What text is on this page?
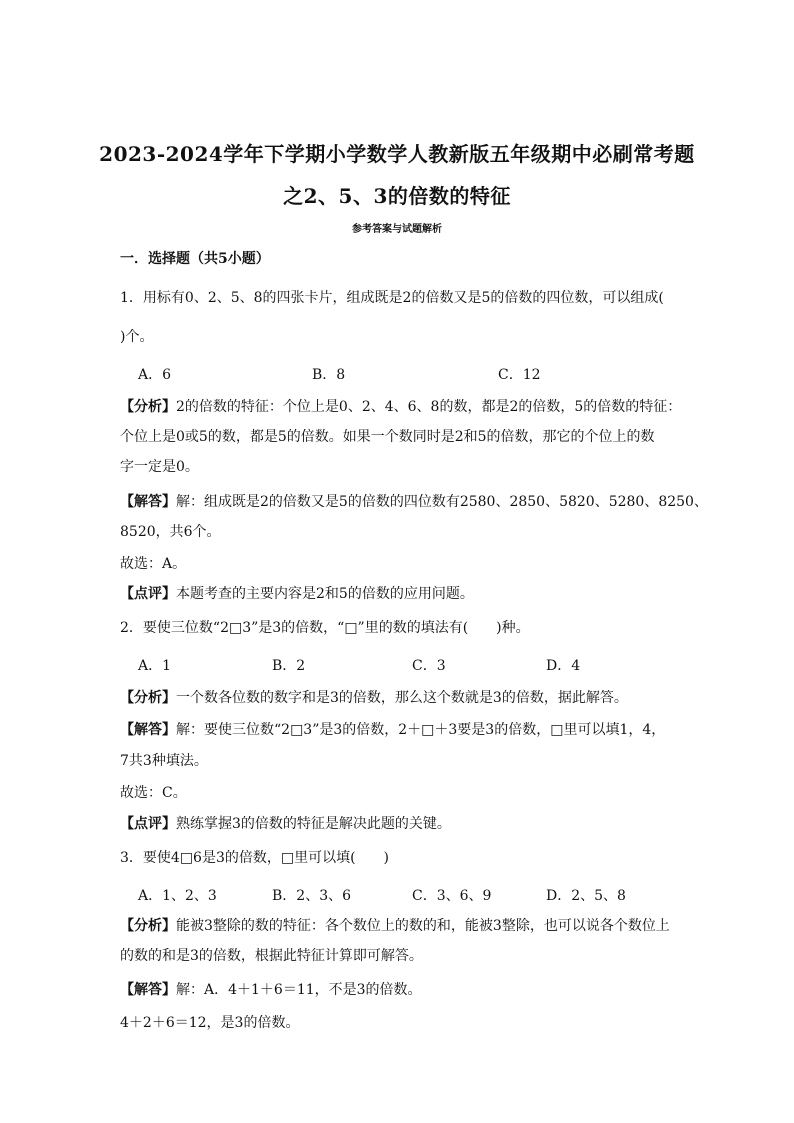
2023-2024学年下学期小学数学人教新版五年级期中必刷常考题
之2、5、3的倍数的特征
参考答案与试题解析
一．选择题（共5小题）
1．用标有0、2、5、8的四张卡片，组成既是2的倍数又是5的倍数的四位数，可以组成(
)个。
A．6	B．8	C．12
【分析】2的倍数的特征：个位上是0、2、4、6、8的数，都是2的倍数，5的倍数的特征：
个位上是0或5的数，都是5的倍数。如果一个数同时是2和5的倍数，那它的个位上的数
字一定是0。
【解答】解：组成既是2的倍数又是5的倍数的四位数有2580、2850、5820、5280、8250、
8520，共6个。
故选：A。
【点评】本题考查的主要内容是2和5的倍数的应用问题。
2．要使三位数“2□3”是3的倍数，“□”里的数的填法有(　　)种。
A．1	B．2	C．3	D．4
【分析】一个数各位数的数字和是3的倍数，那么这个数就是3的倍数，据此解答。
【解答】解：要使三位数“2□3”是3的倍数，2＋□＋3要是3的倍数，□里可以填1，4，
7共3种填法。
故选：C。
【点评】熟练掌握3的倍数的特征是解决此题的关键。
3．要使4□6是3的倍数，□里可以填(　　)
A．1、2、3	B．2、3、6	C．3、6、9	D．2、5、8
【分析】能被3整除的数的特征：各个数位上的数的和，能被3整除，也可以说各个数位上
的数的和是3的倍数，根据此特征计算即可解答。
【解答】解：A．4＋1＋6＝11，不是3的倍数。
4＋2＋6＝12，是3的倍数。
